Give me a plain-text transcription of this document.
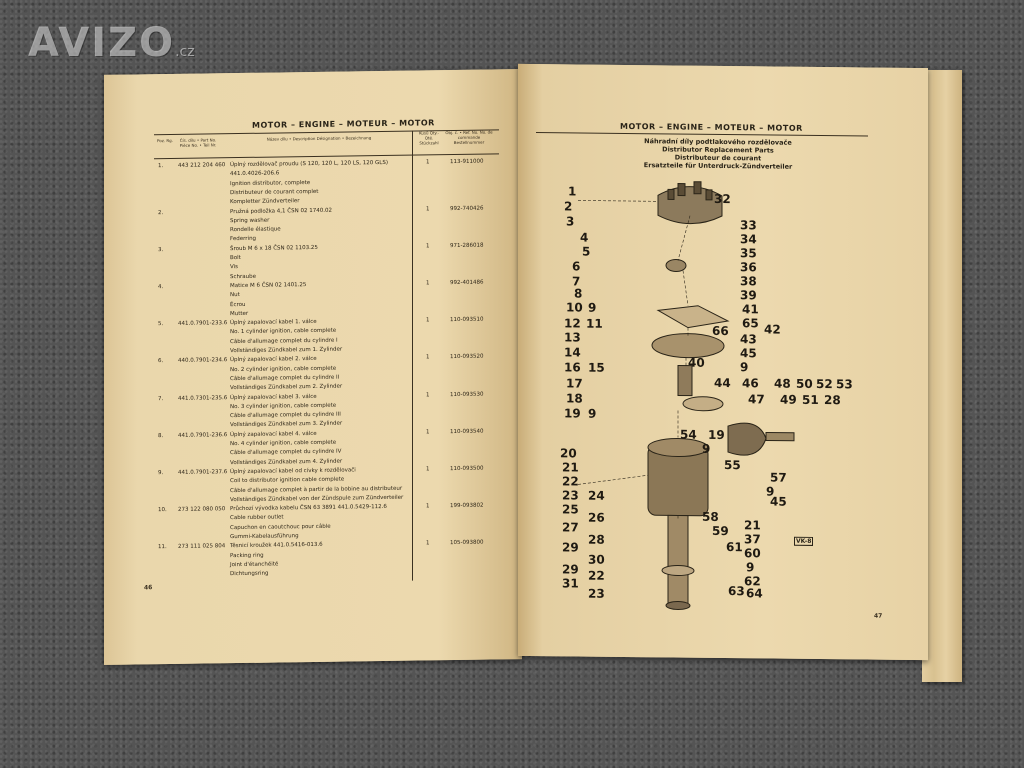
AVIZO.cz
MOTOR – ENGINE – MOTEUR – MOTOR
Poz. Rg.	Čís. dílu • Part No. Pièce No. • Teil Nr.
Název dílu • Description Désignation • Bezeichnung
Kusů Qty.-Qté. Stückzahl
Obj. č. • Ref. No. No. de commande Bestellnummer
1.	443 212 204 460 Úplný rozdělovač proudu (S 120, 120 L, 120 LS, 120 GLS)	1	113-911000
441.0.4026-206.6
Ignition distributor, complete
Distributeur de courant complet
Kompletter Zündverteiler
2.	Pružná podložka 4,1 ČSN 02 1740.02	1	992-740426
Spring washer
Rondelle élastique
Federring
3.	Šroub M 6 x 18 ČSN 02 1103.25	1	971-286018
Bolt
Vis
Schraube
4.	Matice M 6 ČSN 02 1401.25	1	992-401486
Nut
Écrou
Mutter
5.	441.0.7901-233.6 Úplný zapalovací kabel 1. válce	1	110-093510
No. 1 cylinder ignition, cable complete
Câble d'allumage complet du cylindre I
Vollständiges Zündkabel zum 1. Zylinder
6.	440.0.7901-234.6 Úplný zapalovací kabel 2. válce	1	110-093520
No. 2 cylinder ignition, cable complete
Câble d'allumage complet du cylindre II
Vollständiges Zündkabel zum 2. Zylinder
7.	441.0.7301-235.6 Úplný zapalovací kabel 3. válce	1	110-093530
No. 3 cylinder ignition, cable complete
Câble d'allumage complet du cylindre III
Vollständiges Zündkabel zum 3. Zylinder
8.	441.0.7901-236.6 Úplný zapalovací kabel 4. válce	1	110-093540
No. 4 cylinder ignition, cable complete
Câble d'allumage complet du cylindre IV
Vollständiges Zündkabel zum 4. Zylinder
9.	441.0.7901-237.6 Úplný zapalovací kabel od cívky k rozdělovači	1	110-093500
Coil to distributor ignition cable complete
Câble d'allumage complet à partir de la bobine au distributeur
Vollständiges Zündkabel von der Zündspule zum Zündverteiler
10.	273 122 080 050 Průchozí vývodka kabelu ČSN 63 3891 441.0.5429-112.6	1	199-093802
Cable rubber outlet
Capuchon en caoutchouc pour câble
Gummi-Kabelausführung
11.	273 111 025 804 Těsnicí kroužek 441.0.5416-013.6	1	105-093800
Packing ring
Joint d'étanchéité
Dichtungsring
46
MOTOR – ENGINE – MOTEUR – MOTOR
Náhradní díly podtlakového rozdělovače
Distributor Replacement Parts
Distributeur de courant
Ersatzteile für Unterdruck-Zündverteiler
1
2
3
4
5
6
7
8
10 9
12 11
13
14
16 15
17
18
19 9
20
21
22
23 24
25
26
27
28
29
30
29 22
31
23
32
33
34
35
36
38
39
41
65 42
66
43
45
40	9
44 46 48 50 52 53
47 49 51 28
54 19
9
55
57
9
45
58
59 21
37
61 60
9
62
63 64
VK-8
47
